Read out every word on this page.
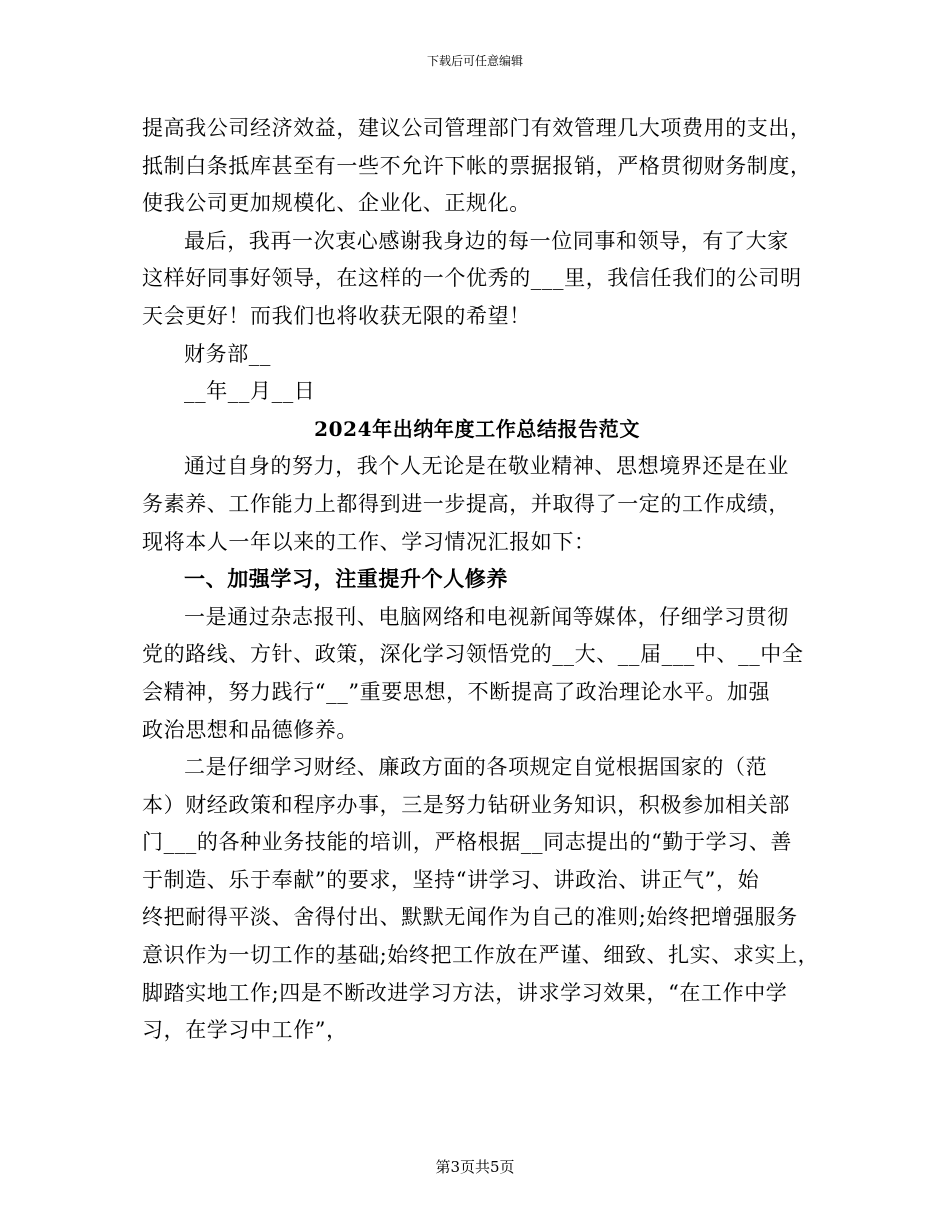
下载后可任意编辑
提高我公司经济效益，建议公司管理部门有效管理几大项费用的支出，
抵制白条抵库甚至有一些不允许下帐的票据报销，严格贯彻财务制度，
使我公司更加规模化、企业化、正规化。
最后，我再一次衷心感谢我身边的每一位同事和领导，有了大家
这样好同事好领导，在这样的一个优秀的___里，我信任我们的公司明
天会更好！而我们也将收获无限的希望！
财务部__
__年__月__日
2024年出纳年度工作总结报告范文
通过自身的努力，我个人无论是在敬业精神、思想境界还是在业
务素养、工作能力上都得到进一步提高，并取得了一定的工作成绩，
现将本人一年以来的工作、学习情况汇报如下：
一、加强学习，注重提升个人修养
一是通过杂志报刊、电脑网络和电视新闻等媒体，仔细学习贯彻
党的路线、方针、政策，深化学习领悟党的__大、__届___中、__中全
会精神，努力践行“__”重要思想，不断提高了政治理论水平。加强
政治思想和品德修养。
二是仔细学习财经、廉政方面的各项规定自觉根据国家的（范
本）财经政策和程序办事，三是努力钻研业务知识，积极参加相关部
门___的各种业务技能的培训，严格根据__同志提出的“勤于学习、善
于制造、乐于奉献”的要求，坚持“讲学习、讲政治、讲正气”，始
终把耐得平淡、舍得付出、默默无闻作为自己的准则;始终把增强服务
意识作为一切工作的基础;始终把工作放在严谨、细致、扎实、求实上，
脚踏实地工作;四是不断改进学习方法，讲求学习效果，“在工作中学
习，在学习中工作”，
第3页共5页
